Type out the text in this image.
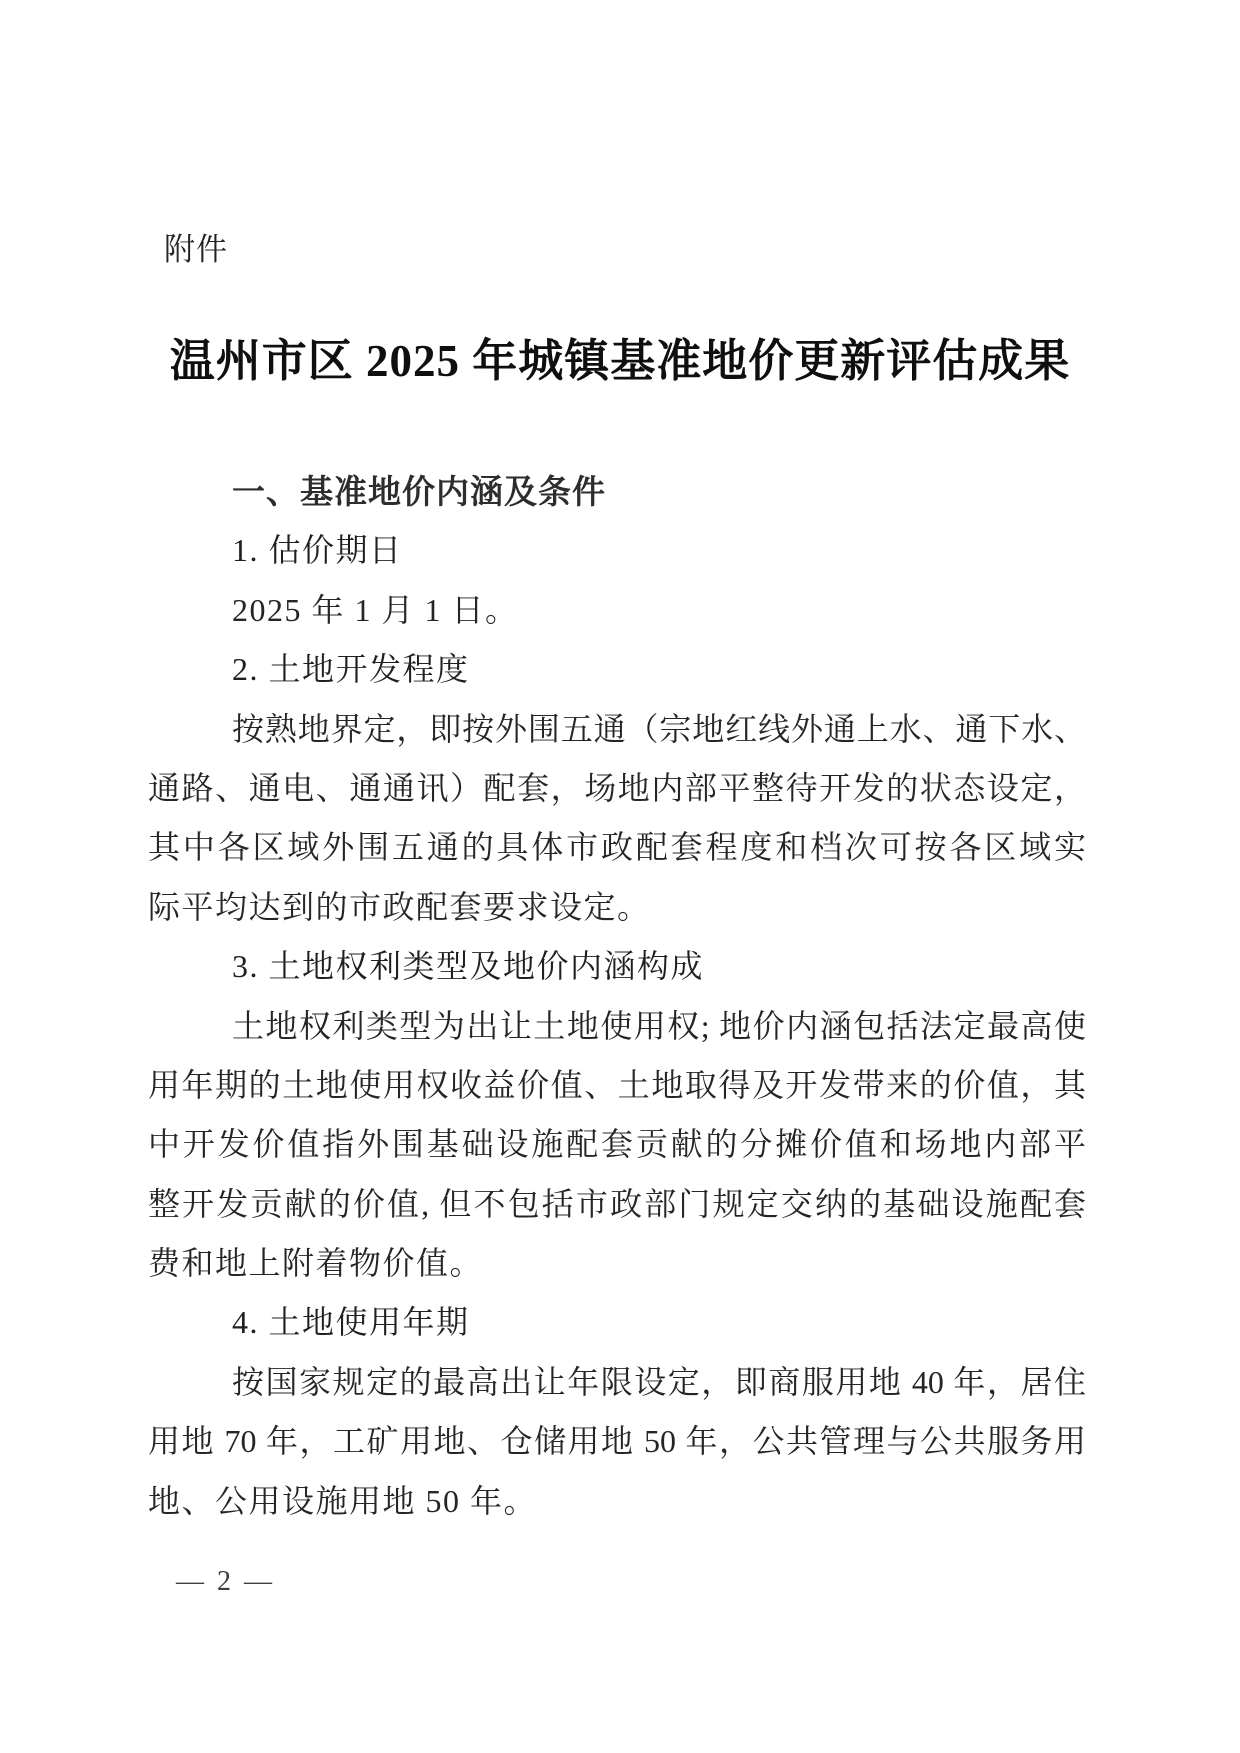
附件
温州市区 2025 年城镇基准地价更新评估成果
一、基准地价内涵及条件
1. 估价期日
2025 年 1 月 1 日。
2. 土地开发程度
按熟地界定，即按外围五通（宗地红线外通上水、通下水、
通路、通电、通通讯）配套，场地内部平整待开发的状态设定，
其中各区域外围五通的具体市政配套程度和档次可按各区域实
际平均达到的市政配套要求设定。
3. 土地权利类型及地价内涵构成
土地权利类型为出让土地使用权; 地价内涵包括法定最高使
用年期的土地使用权收益价值、土地取得及开发带来的价值，其
中开发价值指外围基础设施配套贡献的分摊价值和场地内部平
整开发贡献的价值, 但不包括市政部门规定交纳的基础设施配套
费和地上附着物价值。
4. 土地使用年期
按国家规定的最高出让年限设定，即商服用地 40 年，居住
用地 70 年，工矿用地、仓储用地 50 年，公共管理与公共服务用
地、公用设施用地 50 年。
— 2 —
